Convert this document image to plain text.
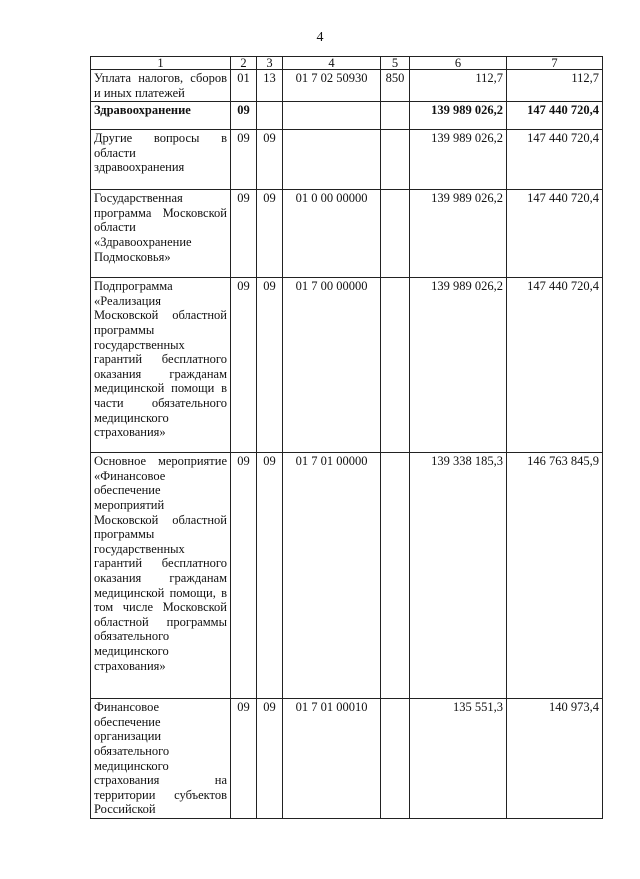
4
1	2	3	4	5	6	7
Уплата налогов, сборов и иных платежей	01	13	01 7 02 50930	850	112,7	112,7
Здравоохранение	09				139 989 026,2	147 440 720,4
Другие вопросы в области здравоохранения	09	09			139 989 026,2	147 440 720,4
Государственная программа Московской области «Здравоохранение Подмосковья»	09	09	01 0 00 00000		139 989 026,2	147 440 720,4
Подпрограмма «Реализация Московской областной программы государственных гарантий бесплатного оказания гражданам медицинской помощи в части обязательного медицинского страхования»	09	09	01 7 00 00000		139 989 026,2	147 440 720,4
Основное мероприятие «Финансовое обеспечение мероприятий Московской областной программы государственных гарантий бесплатного оказания гражданам медицинской помощи, в том числе Московской областной программы обязательного медицинского страхования»	09	09	01 7 01 00000		139 338 185,3	146 763 845,9
Финансовое обеспечение организации обязательного медицинского страхования на территории субъектов Российской	09	09	01 7 01 00010		135 551,3	140 973,4
